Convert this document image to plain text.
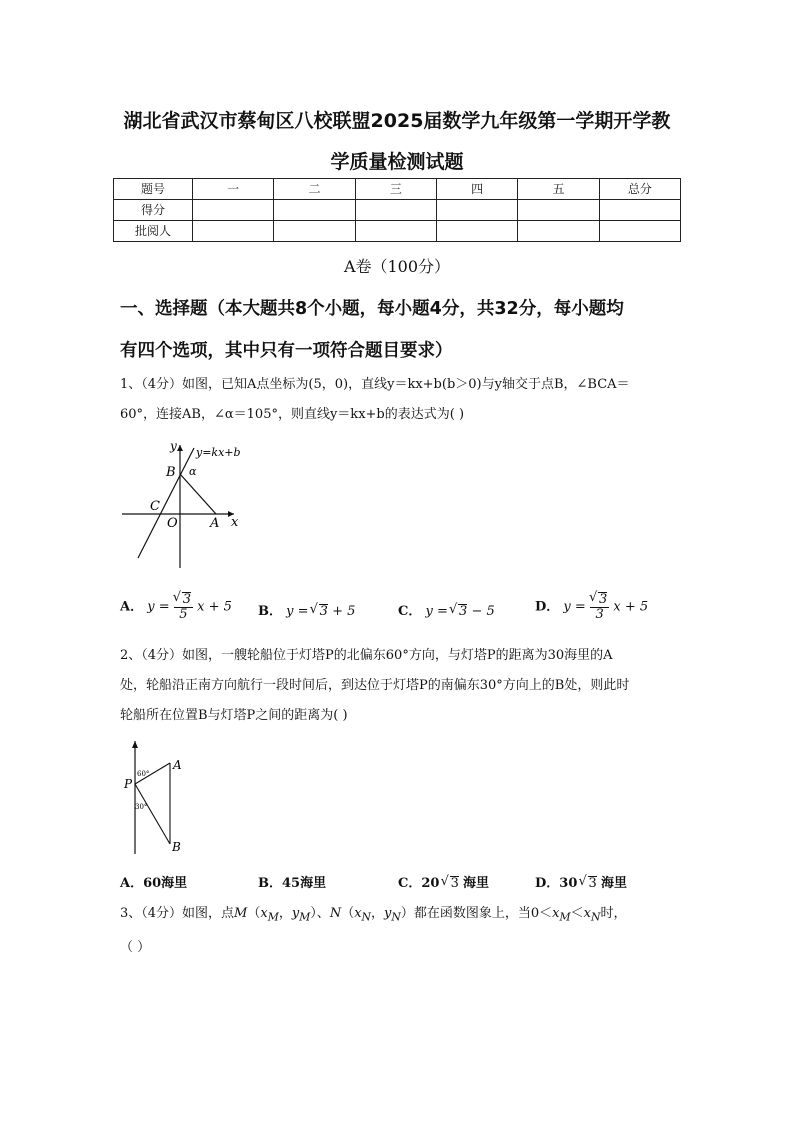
湖北省武汉市蔡甸区八校联盟2025届数学九年级第一学期开学教
学质量检测试题
题号	一	二	三	四	五	总分
得分						
批阅人						
A卷（100分）
一、选择题（本大题共8个小题，每小题4分，共32分，每小题均
有四个选项，其中只有一项符合题目要求）
1、（4分）如图，已知A点坐标为(5，0)，直线y＝kx+b(b＞0)与y轴交于点B，∠BCA＝
60°，连接AB，∠α＝105°，则直线y＝kx+b的表达式为( )
y y=kx+b
B α
C
O A x
A． y = √ $\frac{3}{5}$ x + 5 B． y = √ 3 + 5	C． y = √ 3 − 5	D． y = √ $\frac{3}{3}$ x + 5
2、（4分）如图，一艘轮船位于灯塔P的北偏东60°方向，与灯塔P的距离为30海里的A
处，轮船沿正南方向航行一段时间后，到达位于灯塔P的南偏东30°方向上的B处，则此时
轮船所在位置B与灯塔P之间的距离为( )
P
A
B
60°
30°
A．60海里	B．45海里	C．20 √ 3 海里	D．30 √ 3 海里
3、（4分）如图，点$M(x_M$，$y_M$）、$N(x_N$，$y_N$）都在函数图象上，当$0<x_M<x_N$时，
（ ）
